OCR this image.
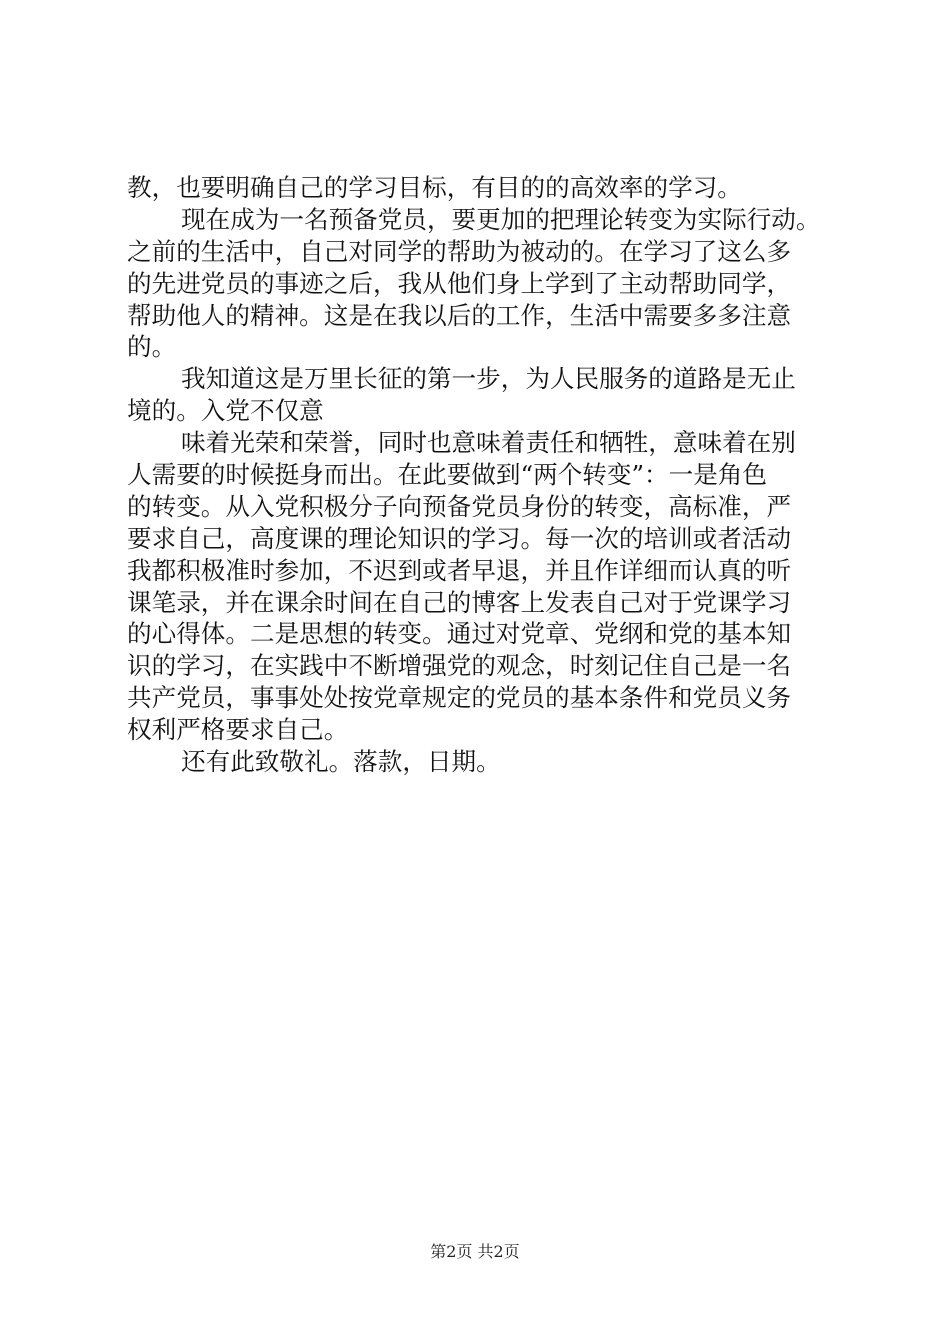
教，也要明确自己的学习目标，有目的的高效率的学习。
现在成为一名预备党员，要更加的把理论转变为实际行动。
之前的生活中，自己对同学的帮助为被动的。在学习了这么多
的先进党员的事迹之后，我从他们身上学到了主动帮助同学，
帮助他人的精神。这是在我以后的工作，生活中需要多多注意
的。
我知道这是万里长征的第一步，为人民服务的道路是无止
境的。入党不仅意
味着光荣和荣誉，同时也意味着责任和牺牲，意味着在别
人需要的时候挺身而出。在此要做到“两个转变”：一是角色
的转变。从入党积极分子向预备党员身份的转变，高标准，严
要求自己，高度课的理论知识的学习。每一次的培训或者活动
我都积极准时参加，不迟到或者早退，并且作详细而认真的听
课笔录，并在课余时间在自己的博客上发表自己对于党课学习
的心得体。二是思想的转变。通过对党章、党纲和党的基本知
识的学习，在实践中不断增强党的观念，时刻记住自己是一名
共产党员，事事处处按党章规定的党员的基本条件和党员义务
权利严格要求自己。
还有此致敬礼。落款，日期。
第2页 共2页
